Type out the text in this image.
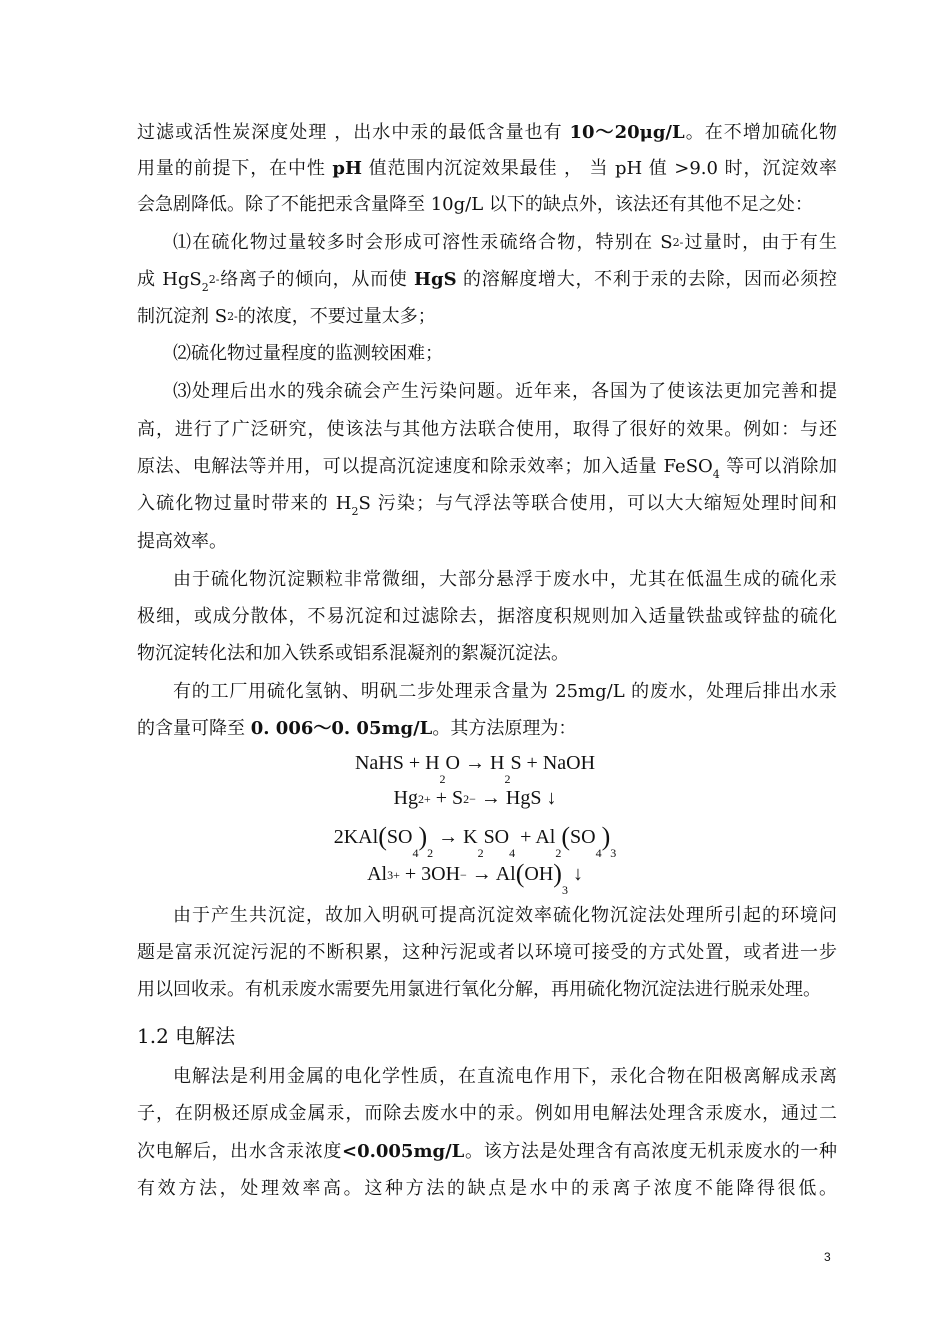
过滤或活性炭深度处理 ，出水中汞的最低含量也有 10～20μg/L。在不增加硫化物
用量的前提下，在中性 pH 值范围内沉淀效果最佳 ， 当 pH 值 >9.0 时，沉淀效率
会急剧降低。除了不能把汞含量降至 10g/L 以下的缺点外，该法还有其他不足之处：
⑴在硫化物过量较多时会形成可溶性汞硫络合物，特别在 S2-过量时，由于有生
成 HgS$_2$2-络离子的倾向，从而使 HgS 的溶解度增大，不利于汞的去除，因而必须控
制沉淀剂 S2-的浓度，不要过量太多；
⑵硫化物过量程度的监测较困难；
⑶处理后出水的残余硫会产生污染问题。近年来，各国为了使该法更加完善和提
高，进行了广泛研究，使该法与其他方法联合使用，取得了很好的效果。例如：与还
原法、电解法等并用，可以提高沉淀速度和除汞效率；加入适量 FeSO$_4$ 等可以消除加
入硫化物过量时带来的 $H_2S$ 污染；与气浮法等联合使用，可以大大缩短处理时间和
提高效率。
由于硫化物沉淀颗粒非常微细，大部分悬浮于废水中，尤其在低温生成的硫化汞
极细，或成分散体，不易沉淀和过滤除去，据溶度积规则加入适量铁盐或锌盐的硫化
物沉淀转化法和加入铁系或铝系混凝剂的絮凝沉淀法。
有的工厂用硫化氢钠、明矾二步处理汞含量为 25mg/L 的废水，处理后排出水汞
的含量可降至 0. 006～0. 05mg/L。其方法原理为：
NaHS + $H_2O \to H_2S$ + NaOH
Hg2+ + S2− → HgS ↓
$2KAl(SO_4)_2 \to K_2SO_4 + Al_2(SO_4)_3$
$Al3+ + 3OH- \to Al(OH)_3$ ↓
由于产生共沉淀，故加入明矾可提高沉淀效率硫化物沉淀法处理所引起的环境问
题是富汞沉淀污泥的不断积累，这种污泥或者以环境可接受的方式处置，或者进一步
用以回收汞。有机汞废水需要先用氯进行氧化分解，再用硫化物沉淀法进行脱汞处理。
1.2 电解法
电解法是利用金属的电化学性质，在直流电作用下，汞化合物在阳极离解成汞离
子，在阴极还原成金属汞，而除去废水中的汞。例如用电解法处理含汞废水，通过二
次电解后，出水含汞浓度<0.005mg/L。该方法是处理含有高浓度无机汞废水的一种
有效方法，处理效率高。这种方法的缺点是水中的汞离子浓度不能降得很低。
3
